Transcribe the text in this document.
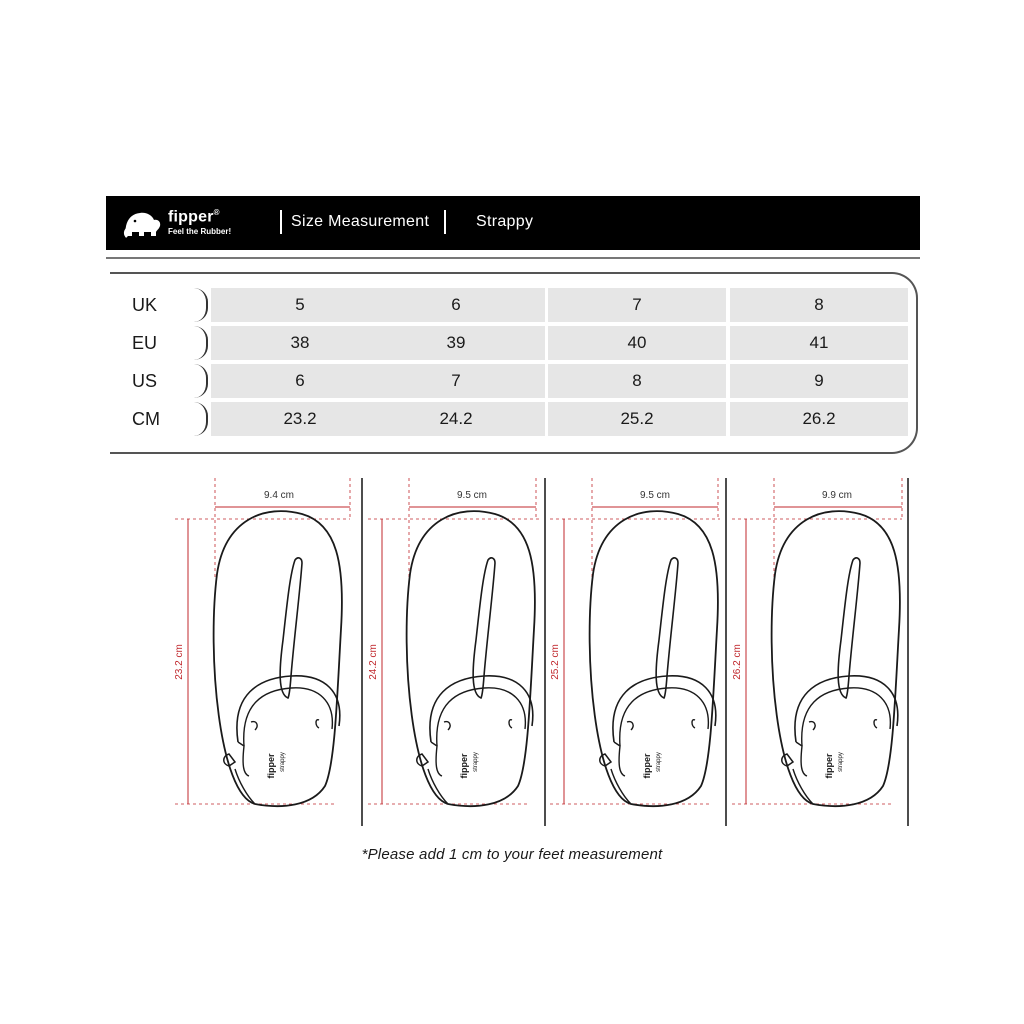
fipper®
Feel the Rubber!
Size Measurement	Strappy
UK	5	6	7	8
EU	38	39	40	41
US	6	7	8	9
CM	23.2	24.2	25.2	26.2
9.4 cm
23.2 cm
fipper strappy
9.5 cm
24.2 cm
fipper strappy
9.5 cm
25.2 cm
fipper strappy
9.9 cm
26.2 cm
fipper strappy
*Please add 1 cm to your feet measurement
